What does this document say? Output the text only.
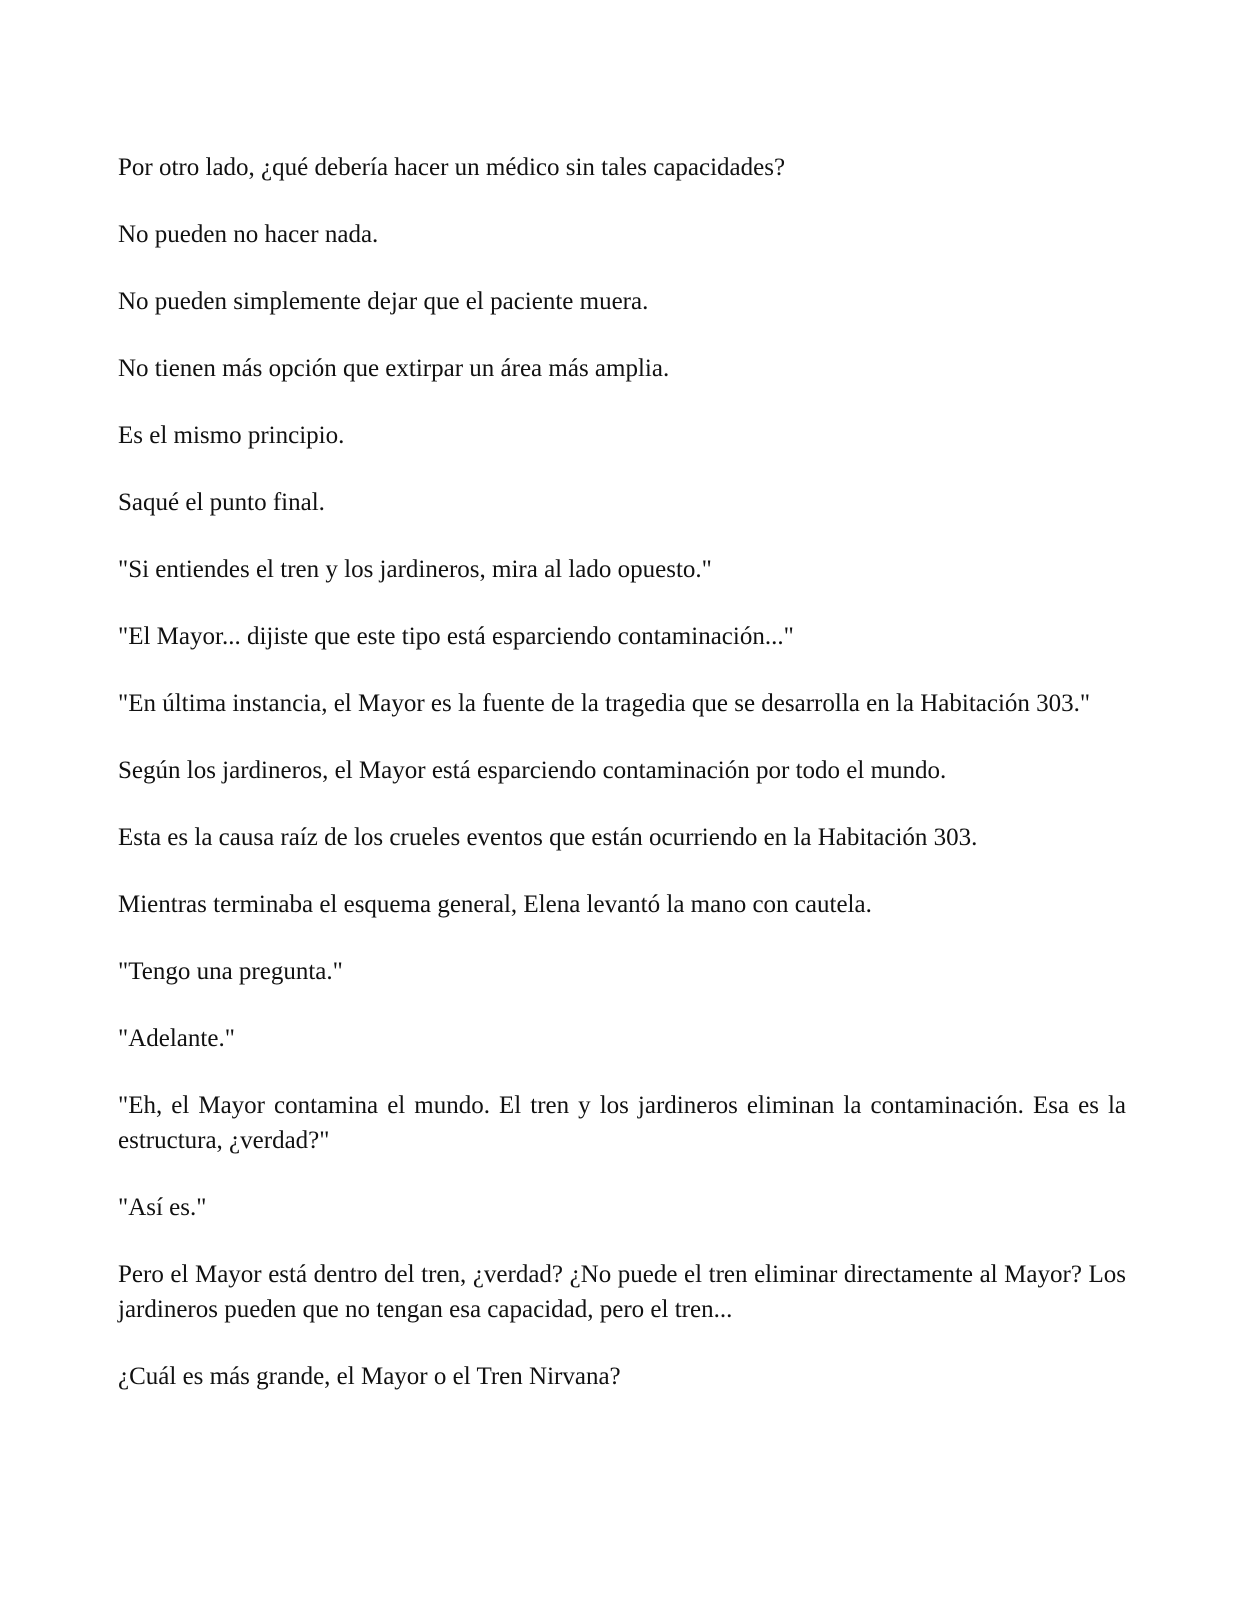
Por otro lado, ¿qué debería hacer un médico sin tales capacidades?

No pueden no hacer nada.

No pueden simplemente dejar que el paciente muera.

No tienen más opción que extirpar un área más amplia.

Es el mismo principio.

Saqué el punto final.

"Si entiendes el tren y los jardineros, mira al lado opuesto."

"El Mayor... dijiste que este tipo está esparciendo contaminación..."

"En última instancia, el Mayor es la fuente de la tragedia que se desarrolla en la Habitación 303."

Según los jardineros, el Mayor está esparciendo contaminación por todo el mundo.

Esta es la causa raíz de los crueles eventos que están ocurriendo en la Habitación 303.

Mientras terminaba el esquema general, Elena levantó la mano con cautela.

"Tengo una pregunta."

"Adelante."

"Eh, el Mayor contamina el mundo. El tren y los jardineros eliminan la contaminación. Esa es la estructura, ¿verdad?"

"Así es."

Pero el Mayor está dentro del tren, ¿verdad? ¿No puede el tren eliminar directamente al Mayor? Los jardineros pueden que no tengan esa capacidad, pero el tren...

¿Cuál es más grande, el Mayor o el Tren Nirvana?
